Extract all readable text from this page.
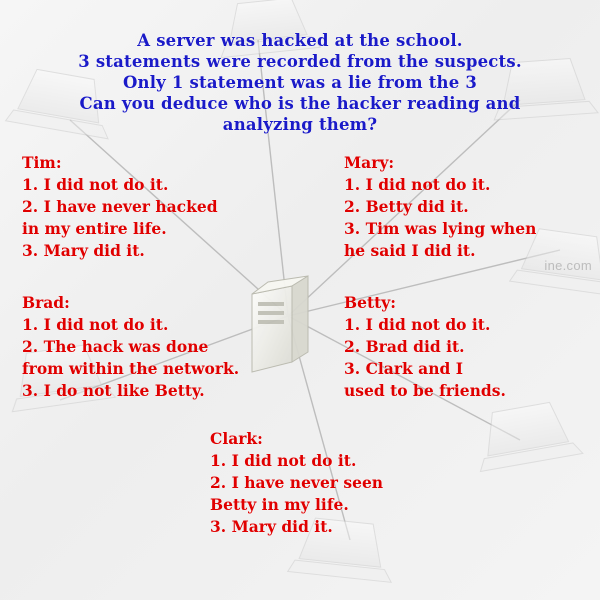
A server was hacked at the school.
3 statements were recorded from the suspects.
Only 1 statement was a lie from the 3
Can you deduce who is the hacker reading and
analyzing them?
Tim:
1. I did not do it.
2. I have never hacked
in my entire life.
3. Mary did it.
Brad:
1. I did not do it.
2. The hack was done
from within the network.
3. I do not like Betty.
Mary:
1. I did not do it.
2. Betty did it.
3. Tim was lying when
he said I did it.
Betty:
1. I did not do it.
2. Brad did it.
3. Clark and I
used to be friends.
Clark:
1. I did not do it.
2. I have never seen
Betty in my life.
3. Mary did it.
ine.com
